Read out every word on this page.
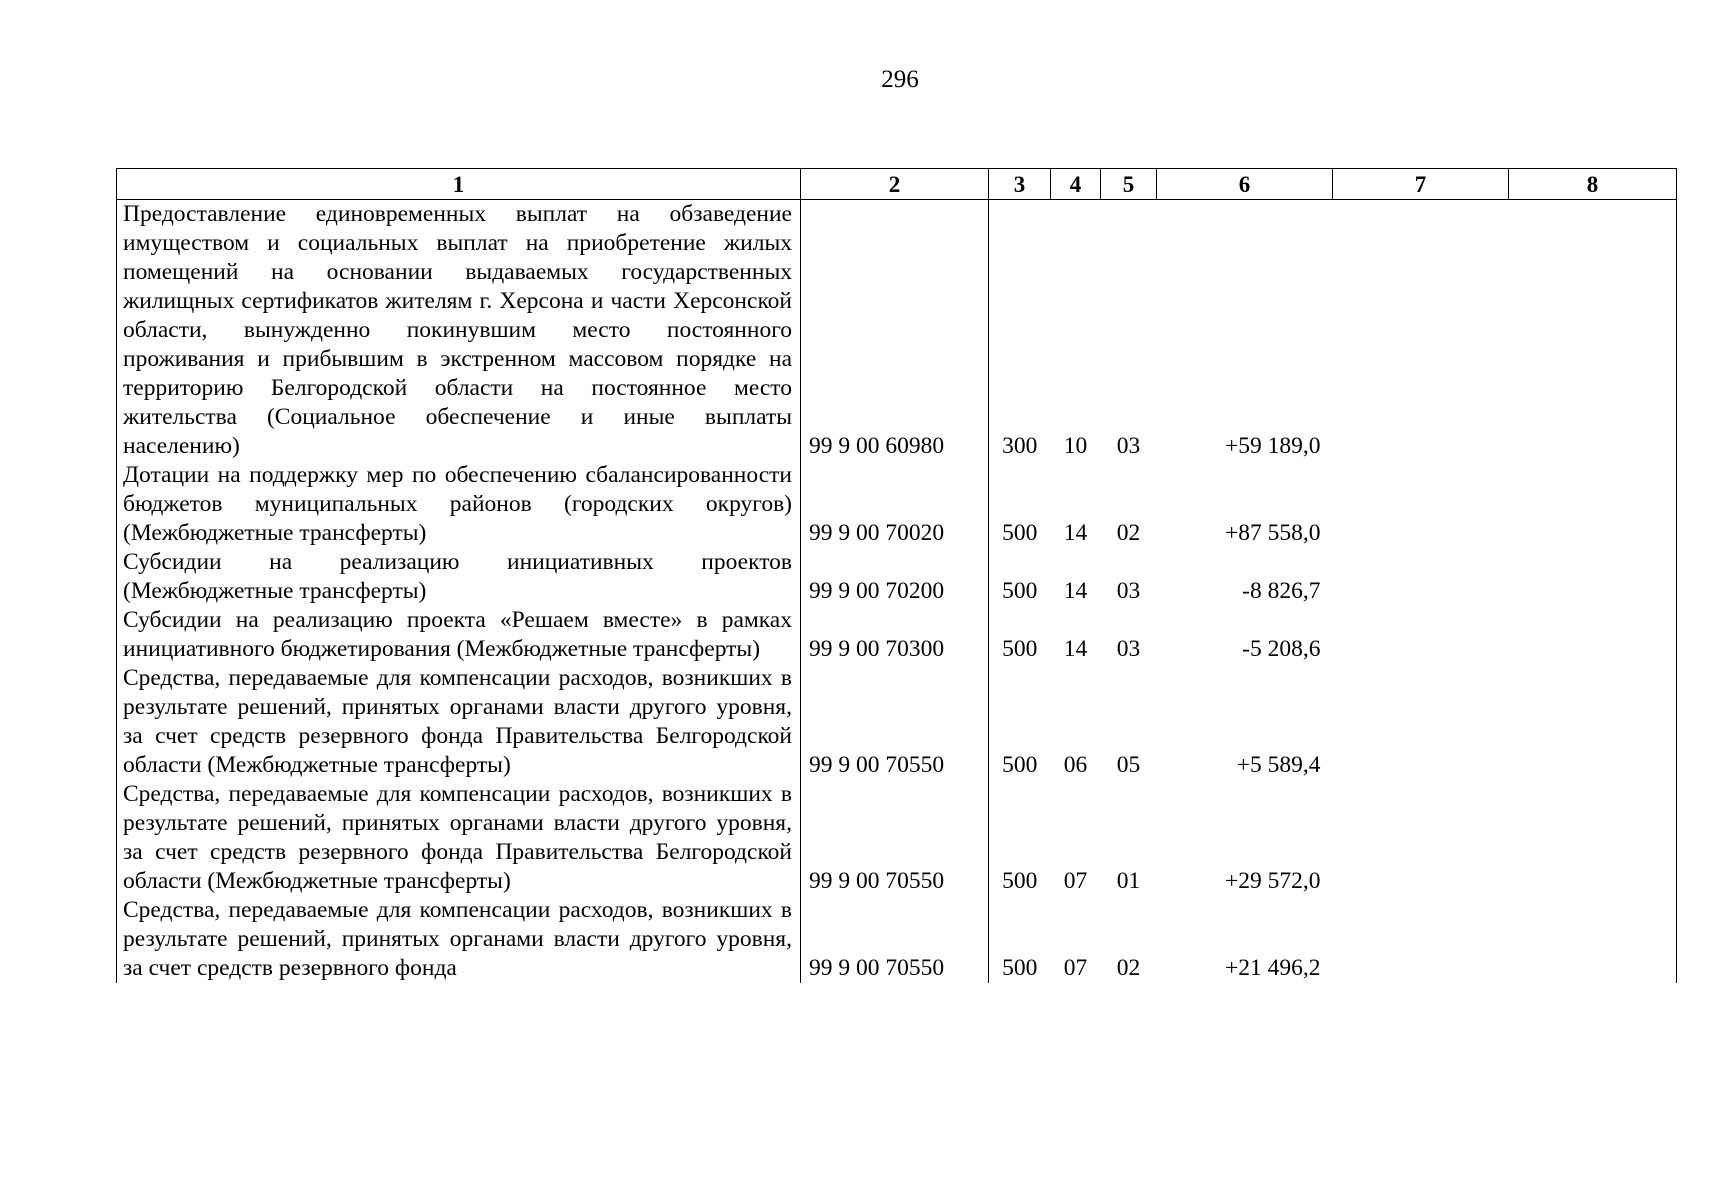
296
1	2	3	4	5	6	7	8
Предоставление единовременных выплат на обзаведение имуществом и социальных выплат на приобретение жилых помещений на основании выдаваемых государственных жилищных сертификатов жителям г. Херсона и части Херсонской области, вынужденно покинувшим место постоянного проживания и прибывшим в экстренном массовом порядке на территорию Белгородской области на постоянное место жительства (Социальное обеспечение и иные выплаты населению)	99 9 00 60980	300	10	03	+59 189,0		
Дотации на поддержку мер по обеспечению сбалансированности бюджетов муниципальных районов (городских округов) (Межбюджетные трансферты)	99 9 00 70020	500	14	02	+87 558,0		
Субсидии на реализацию инициативных проектов (Межбюджетные трансферты)	99 9 00 70200	500	14	03	-8 826,7		
Субсидии на реализацию проекта «Решаем вместе» в рамках инициативного бюджетирования (Межбюджетные трансферты)	99 9 00 70300	500	14	03	-5 208,6		
Средства, передаваемые для компенсации расходов, возникших в результате решений, принятых органами власти другого уровня, за счет средств резервного фонда Правительства Белгородской области (Межбюджетные трансферты)	99 9 00 70550	500	06	05	+5 589,4		
Средства, передаваемые для компенсации расходов, возникших в результате решений, принятых органами власти другого уровня, за счет средств резервного фонда Правительства Белгородской области (Межбюджетные трансферты)	99 9 00 70550	500	07	01	+29 572,0		
Средства, передаваемые для компенсации расходов, возникших в результате решений, принятых органами власти другого уровня, за счет средств резервного фонда	99 9 00 70550	500	07	02	+21 496,2		
